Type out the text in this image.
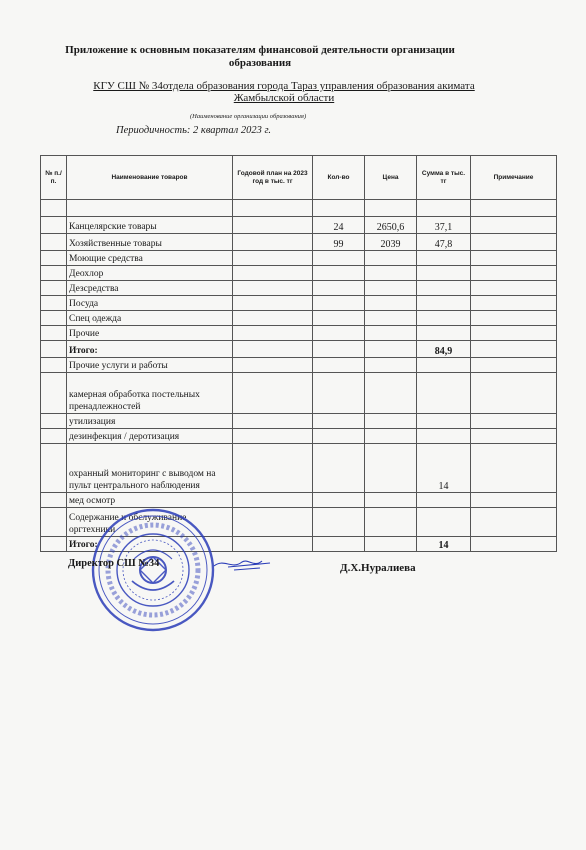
Приложение к основным показателям финансовой деятельности организации образования
КГУ СШ № 34отдела образования города Тараз управления образования акимата Жамбылской области
(Наименование организации образования)
Периодичность: 2 квартал 2023 г.
№ п./п.	Наименование товаров	Годовой план на 2023 год в тыс. тг	Кол-во	Цена	Сумма в тыс. тг	Примечание

	Канцелярские товары		24	2650,6	37,1	
	Хозяйственные товары		99	2039	47,8	
	Моющие средства					
	Деохлор					
	Дезсредства					
	Посуда					
	Спец одежда					
	Прочие					
	Итого:				84,9	
	Прочие услуги и работы					
	камерная обработка постельных пренадлежностей					
	утилизация					
	дезинфекция / деротизация					
	охранный мониторинг с выводом на пульт центрального наблюдения				14	
	мед осмотр					
	Содержание и обслуживание оргтехники					
	Итого:				14	
Директор СШ №34	Д.Х.Нуралиева
